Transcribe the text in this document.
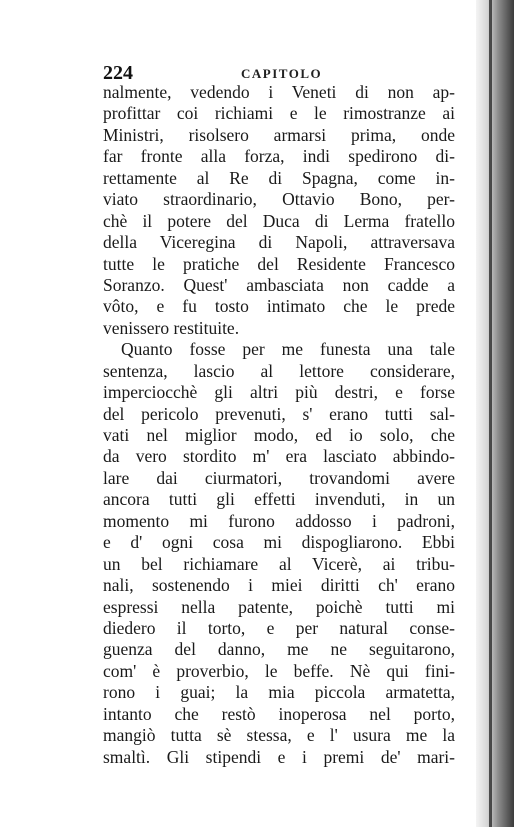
224	CAPITOLO
nalmente, vedendo i Veneti di non ap-
profittar coi richiami e le rimostranze ai
Ministri, risolsero armarsi prima, onde
far fronte alla forza, indi spedirono di-
rettamente al Re di Spagna, come in-
viato straordinario, Ottavio Bono, per-
chè il potere del Duca di Lerma fratello
della Viceregina di Napoli, attraversava
tutte le pratiche del Residente Francesco
Soranzo. Quest' ambasciata non cadde a
vôto, e fu tosto intimato che le prede
venissero restituite.
Quanto fosse per me funesta una tale
sentenza, lascio al lettore considerare,
imperciocchè gli altri più destri, e forse
del pericolo prevenuti, s' erano tutti sal-
vati nel miglior modo, ed io solo, che
da vero stordito m' era lasciato abbindo-
lare dai ciurmatori, trovandomi avere
ancora tutti gli effetti invenduti, in un
momento mi furono addosso i padroni,
e d' ogni cosa mi dispogliarono. Ebbi
un bel richiamare al Vicerè, ai tribu-
nali, sostenendo i miei diritti ch' erano
espressi nella patente, poichè tutti mi
diedero il torto, e per natural conse-
guenza del danno, me ne seguitarono,
com' è proverbio, le beffe. Nè qui fini-
rono i guai; la mia piccola armatetta,
intanto che restò inoperosa nel porto,
mangiò tutta sè stessa, e l' usura me la
smaltì. Gli stipendi e i premi de' mari-
